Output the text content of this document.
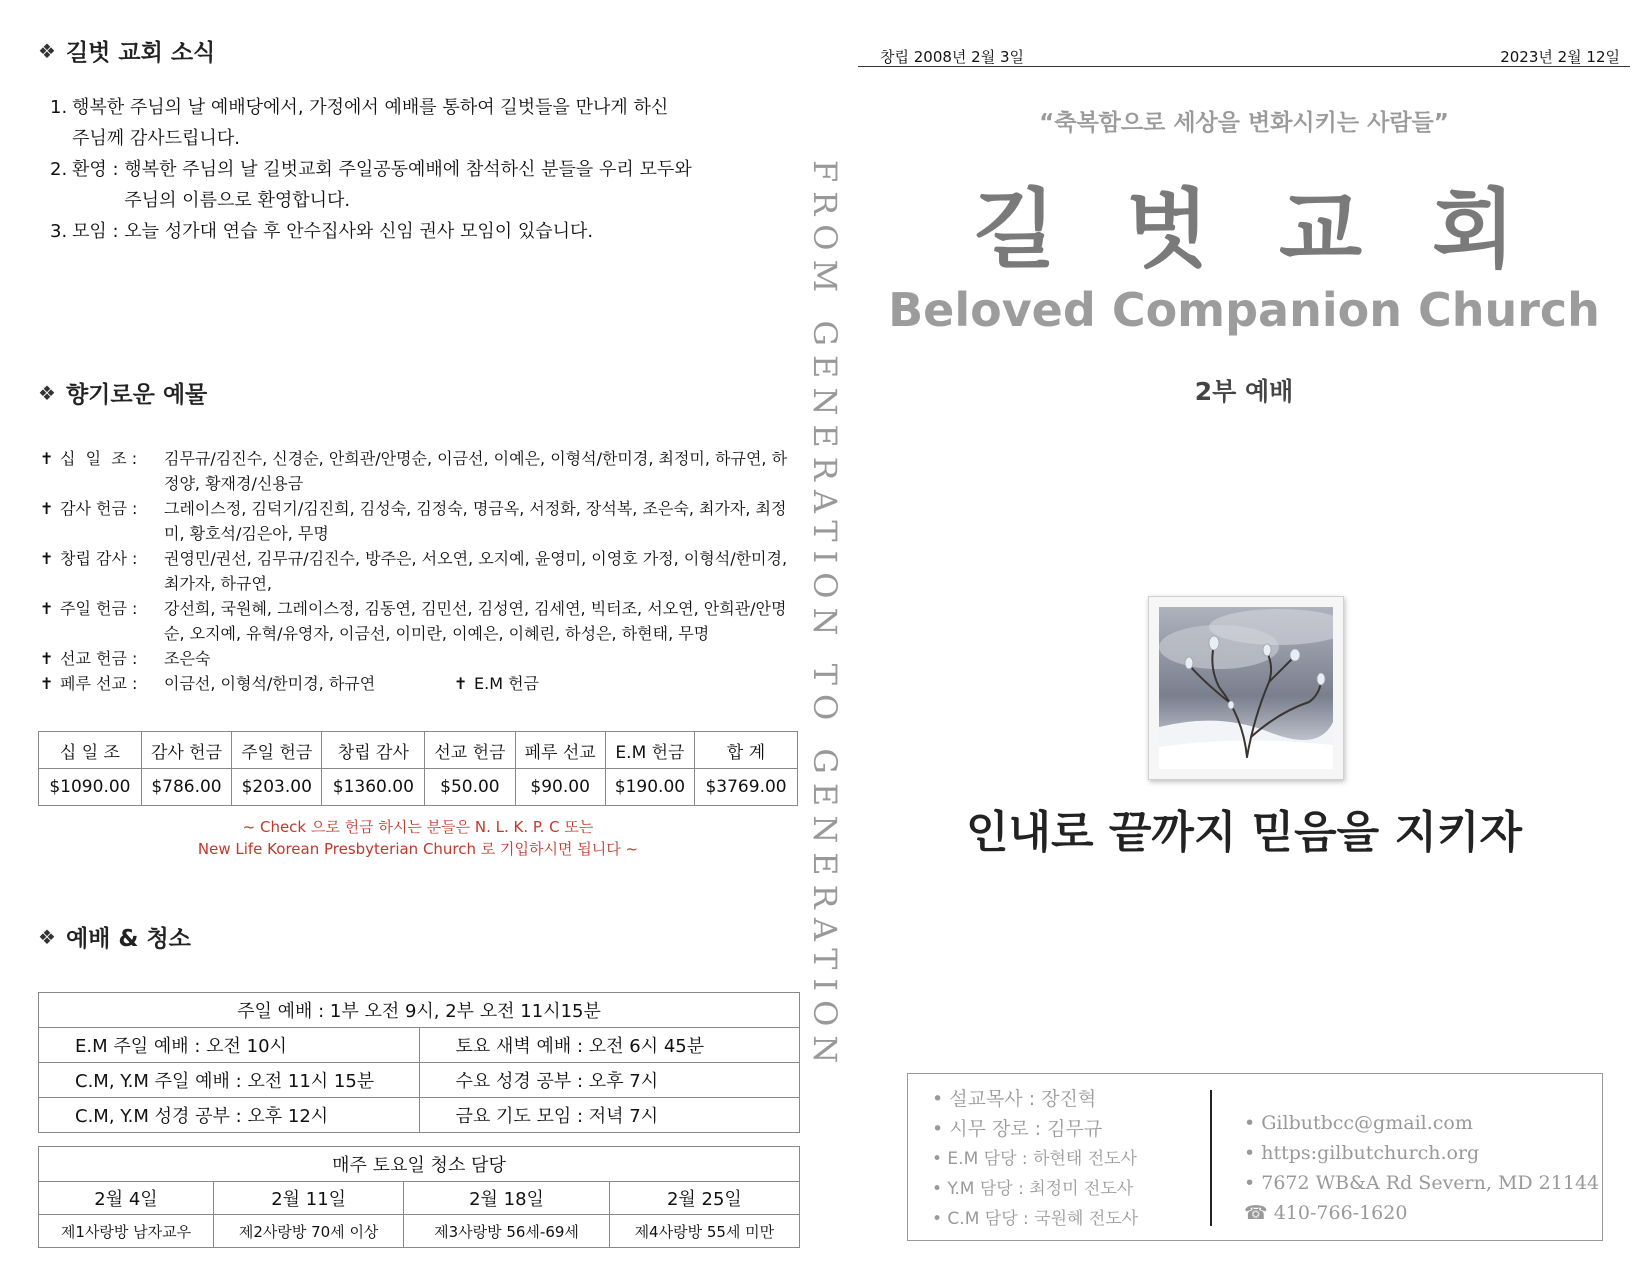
❖ 길벗 교회 소식
1. 행복한 주님의 날 예배당에서, 가정에서 예배를 통하여 길벗들을 만나게 하신
주님께 감사드립니다.
2. 환영 : 행복한 주님의 날 길벗교회 주일공동예배에 참석하신 분들을 우리 모두와
주님의 이름으로 환영합니다.
3. 모임 : 오늘 성가대 연습 후 안수집사와 신임 권사 모임이 있습니다.
❖ 향기로운 예물
✝ 십  일  조 :	김무규/김진수, 신경순, 안희관/안명순, 이금선, 이예은, 이형석/한미경, 최정미, 하규연, 하정양, 황재경/신용금
✝ 감사 헌금 :	그레이스정, 김덕기/김진희, 김성숙, 김정숙, 명금옥, 서정화, 장석복, 조은숙, 최가자, 최정미, 황호석/김은아, 무명
✝ 창립 감사 :	권영민/권선, 김무규/김진수, 방주은, 서오연, 오지예, 윤영미, 이영호 가정, 이형석/한미경, 최가자, 하규연,
✝ 주일 헌금 :	강선희, 국원혜, 그레이스정, 김동연, 김민선, 김성연, 김세연, 빅터조, 서오연, 안희관/안명순, 오지예, 유혁/유영자, 이금선, 이미란, 이예은, 이혜린, 하성은, 하현태, 무명
✝ 선교 헌금 :	조은숙
✝ 페루 선교 :	이금선, 이형석/한미경, 하규연	✝ E.M 헌금
십 일 조	감사 헌금	주일 헌금	창립 감사	선교 헌금	페루 선교	E.M 헌금	합 계
$1090.00	$786.00	$203.00	$1360.00	$50.00	$90.00	$190.00	$3769.00
~ Check 으로 헌금 하시는 분들은 N. L. K. P. C 또는
New Life Korean Presbyterian Church 로 기입하시면 됩니다 ~
❖ 예배 & 청소
주일 예배 : 1부 오전 9시, 2부 오전 11시15분	
E.M 주일 예배 : 오전 10시	토요 새벽 예배 : 오전 6시 45분
C.M, Y.M 주일 예배 : 오전 11시 15분	수요 성경 공부 : 오후 7시
C.M, Y.M 성경 공부 : 오후 12시	금요 기도 모임 : 저녁 7시
매주 토요일 청소 담당			
2월 4일	2월 11일	2월 18일	2월 25일
제1사랑방 남자교우	제2사랑방 70세 이상	제3사랑방 56세-69세	제4사랑방 55세 미만
FROM GENERATION TO GENERATION
창립 2008년 2월 3일	2023년 2월 12일
“축복함으로 세상을 변화시키는 사람들”
길벗교회
Beloved Companion Church
2부 예배
인내로 끝까지 믿음을 지키자
• 설교목사 : 장진혁
• 시무 장로 : 김무규
• E.M 담당 : 하현태 전도사
• Y.M 담당 : 최정미 전도사
• C.M 담당 : 국원혜 전도사
• Gilbutbcc@gmail.com
• https:gilbutchurch.org
• 7672 WB&A Rd Severn, MD 21144
☎ 410-766-1620
